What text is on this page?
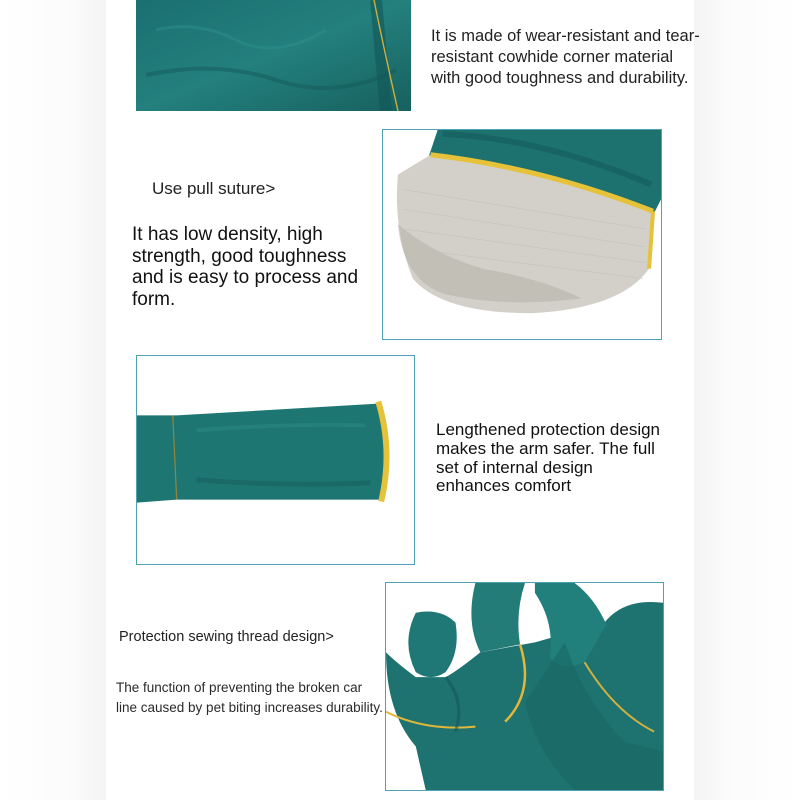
It is made of wear-resistant and tear-resistant cowhide corner material with good toughness and durability.

Use pull suture>

It has low density, high strength, good toughness and is easy to process and form.

Lengthened protection design makes the arm safer. The full set of internal design enhances comfort

Protection sewing thread design>

The function of preventing the broken car line caused by pet biting increases durability.
